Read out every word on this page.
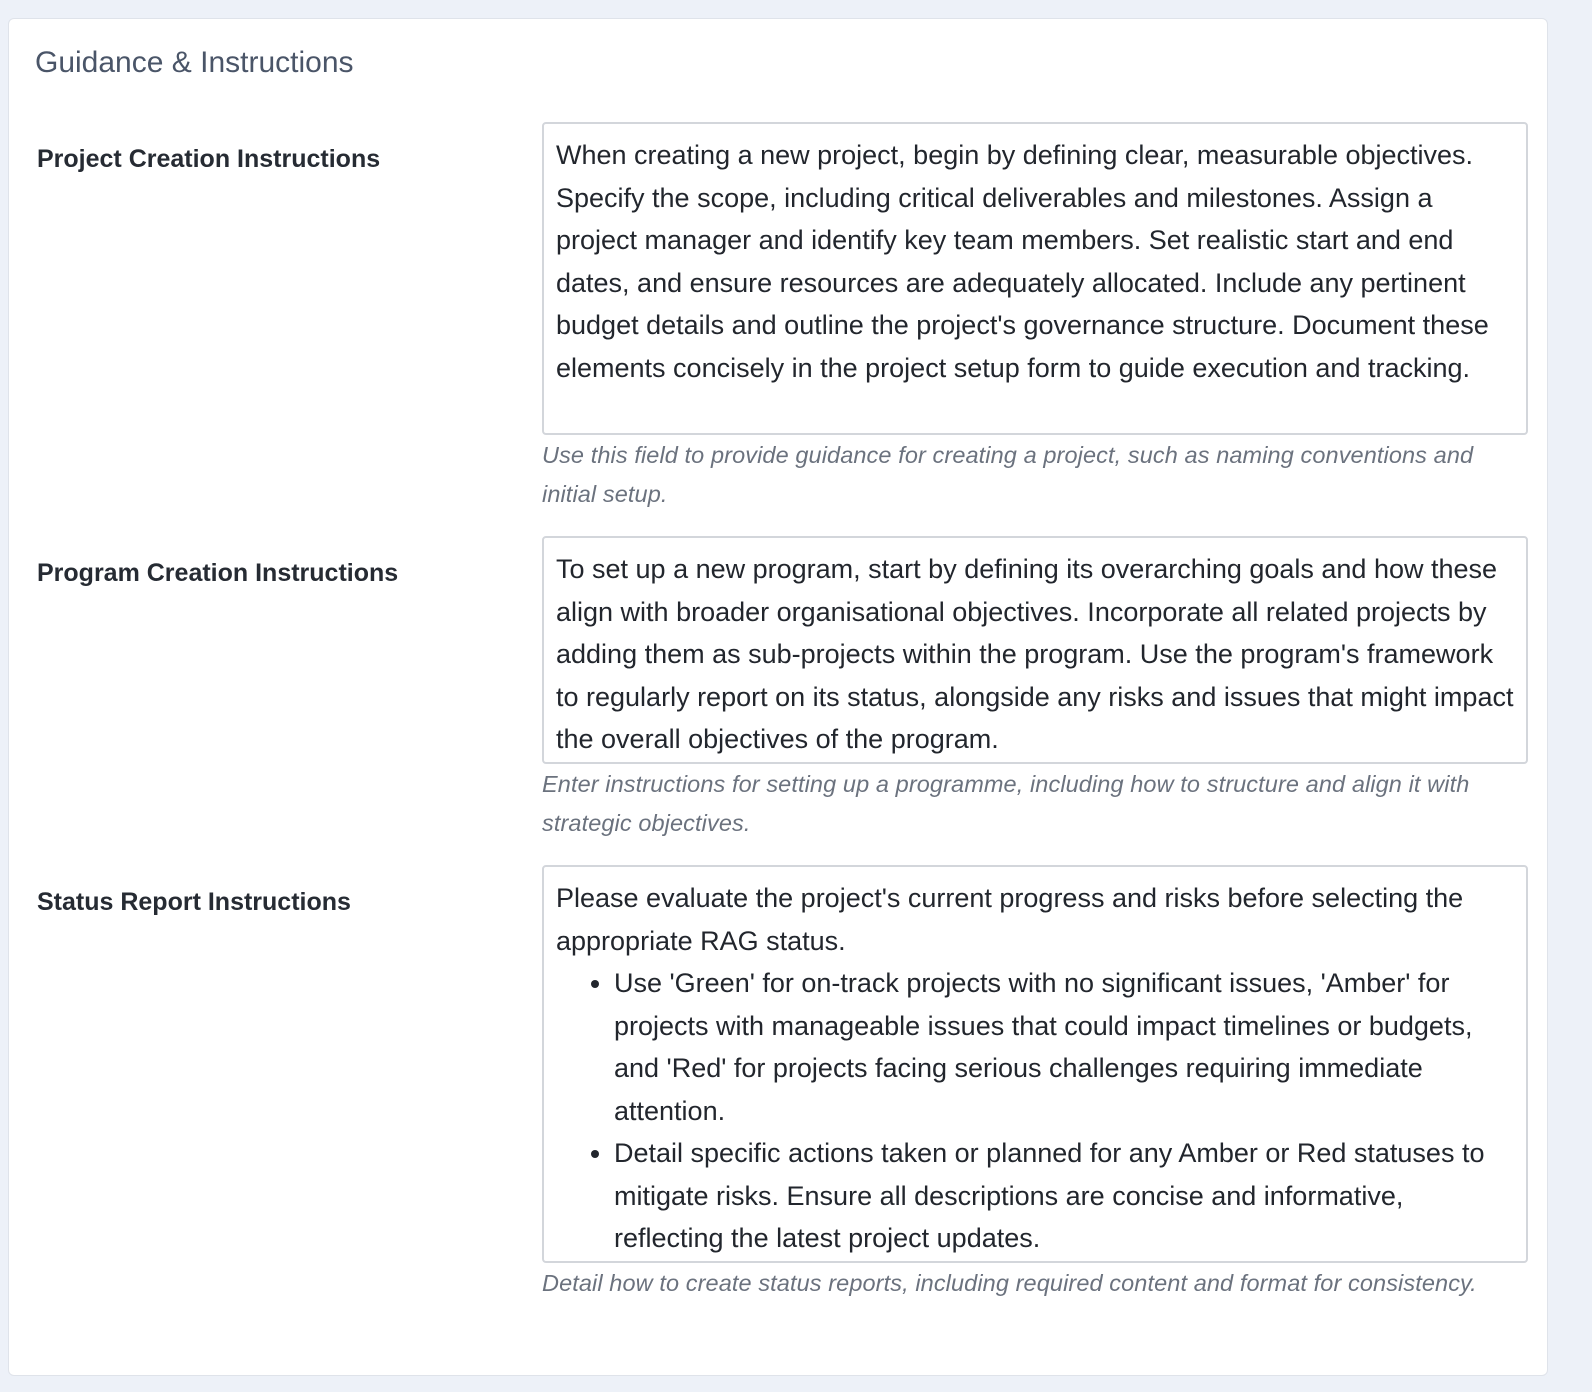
Guidance & Instructions
Project Creation Instructions	When creating a new project, begin by defining clear, measurable objectives. Specify the scope, including critical deliverables and milestones. Assign a project manager and identify key team members. Set realistic start and end dates, and ensure resources are adequately allocated. Include any pertinent budget details and outline the project's governance structure. Document these elements concisely in the project setup form to guide execution and tracking.

Use this field to provide guidance for creating a project, such as naming conventions and initial setup.
Program Creation Instructions	To set up a new program, start by defining its overarching goals and how these align with broader organisational objectives. Incorporate all related projects by adding them as sub-projects within the program. Use the program's framework to regularly report on its status, alongside any risks and issues that might impact the overall objectives of the program.

Enter instructions for setting up a programme, including how to structure and align it with strategic objectives.
Status Report Instructions	Please evaluate the project's current progress and risks before selecting the appropriate RAG status.

• Use 'Green' for on-track projects with no significant issues, 'Amber' for projects with manageable issues that could impact timelines or budgets, and 'Red' for projects facing serious challenges requiring immediate attention.
• Detail specific actions taken or planned for any Amber or Red statuses to mitigate risks. Ensure all descriptions are concise and informative, reflecting the latest project updates.
Detail how to create status reports, including required content and format for consistency.
